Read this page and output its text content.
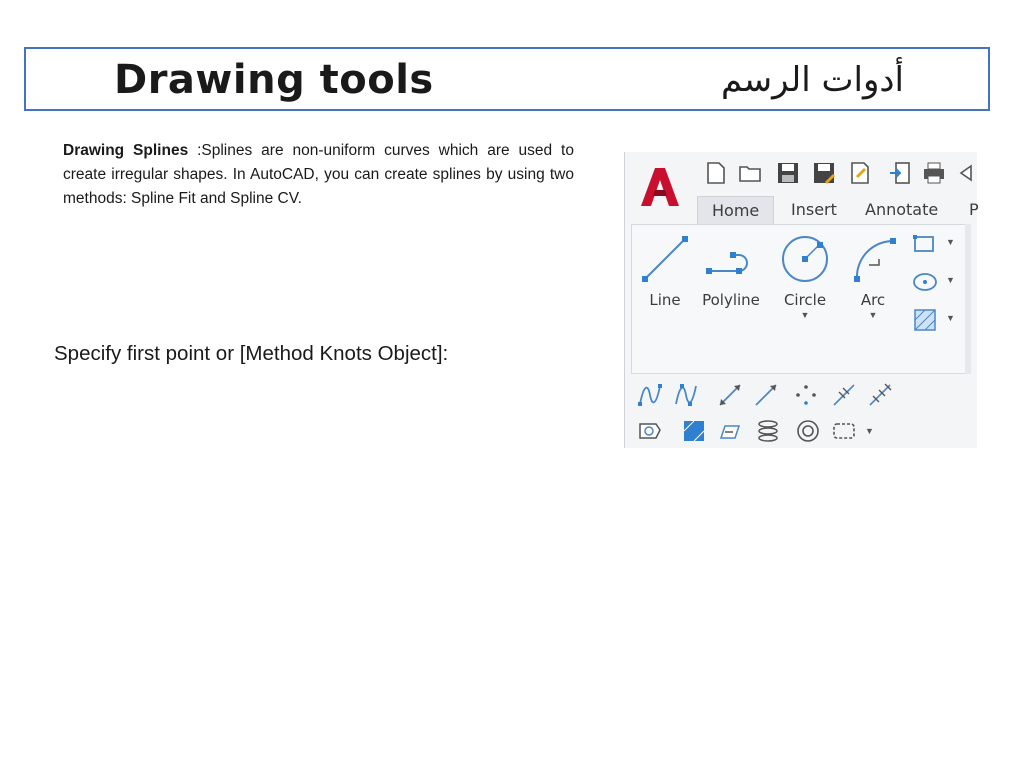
Drawing tools	أدوات الرسم

Drawing Splines :Splines are non-uniform curves which are used to create irregular shapes. In AutoCAD, you can create splines by using two methods: Spline Fit and Spline CV.

Specify first point or [Method Knots Object]:
Home	Insert	Annotate	P
Line	Polyline	Circle
▼
Arc
▼
▼
▼
▼
▼
